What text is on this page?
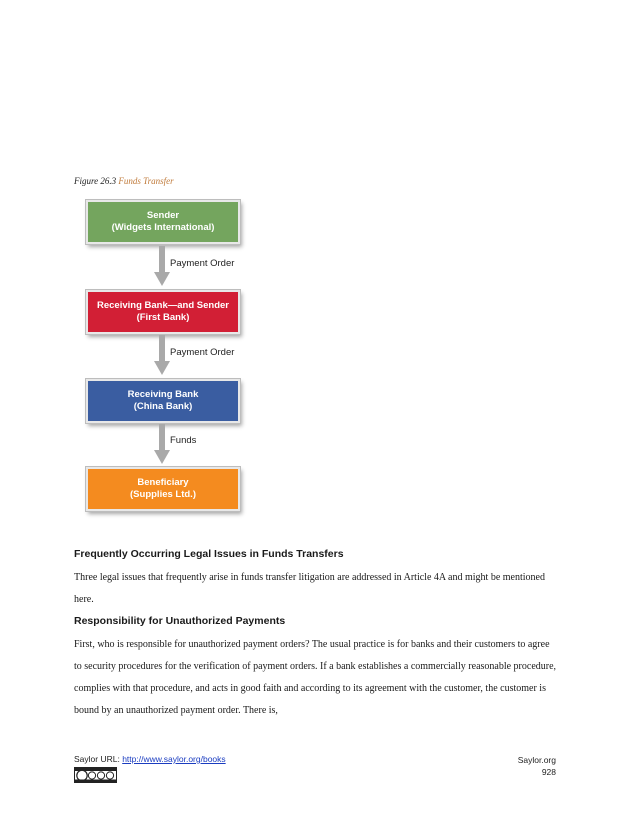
Figure 26.3 Funds Transfer
Sender
(Widgets International)
Payment Order
Receiving Bank—and Sender
(First Bank)
Payment Order
Receiving Bank
(China Bank)
Funds
Beneficiary
(Supplies Ltd.)
Frequently Occurring Legal Issues in Funds Transfers

Three legal issues that frequently arise in funds transfer litigation are addressed in Article 4A and might be mentioned here.

Responsibility for Unauthorized Payments

First, who is responsible for unauthorized payment orders? The usual practice is for banks and their customers to agree to security procedures for the verification of payment orders. If a bank establishes a commercially reasonable procedure, complies with that procedure, and acts in good faith and according to its agreement with the customer, the customer is bound by an unauthorized payment order. There is,

Saylor URL: http://www.saylor.org/books	Saylor.org
928
